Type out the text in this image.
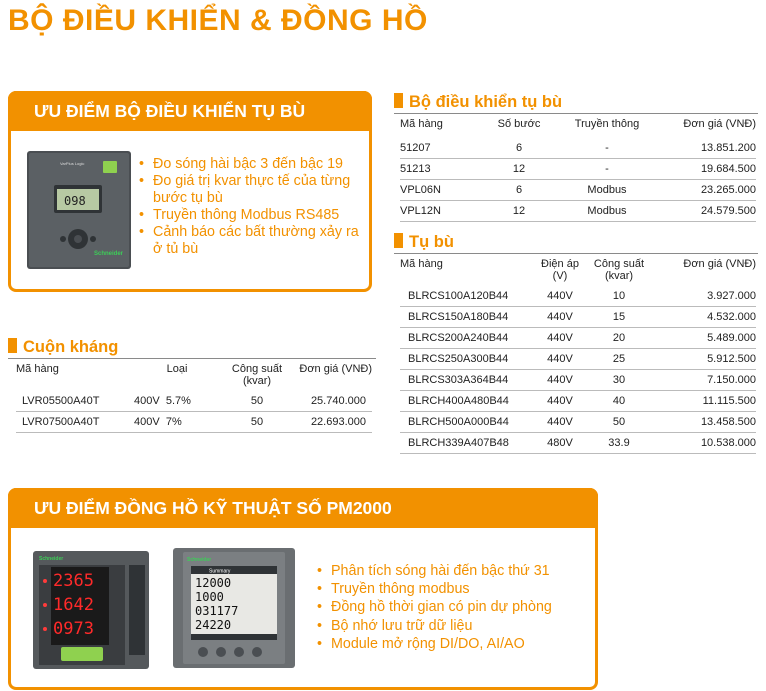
BỘ ĐIỀU KHIỂN & ĐỒNG HỒ
ƯU ĐIỂM BỘ ĐIỀU KHIỂN TỤ BÙ
VarPlus Logic
098
Schneider
• Đo sóng hài bậc 3 đến bậc 19
• Đo giá trị kvar thực tế của từng bước tụ bù
• Truyền thông Modbus RS485
• Cảnh báo các bất thường xảy ra ở tủ bù
Bộ điều khiển tụ bù
Mã hàng	Số bước	Truyền thông	Đơn giá (VNĐ)
51207	6	-	13.851.200
51213	12	-	19.684.500
VPL06N	6	Modbus	23.265.000
VPL12N	12	Modbus	24.579.500
Tụ bù
Mã hàng	Điện áp (V)	Công suất (kvar)	Đơn giá (VNĐ)
BLRCS100A120B44	440V	10	3.927.000
BLRCS150A180B44	440V	15	4.532.000
BLRCS200A240B44	440V	20	5.489.000
BLRCS250A300B44	440V	25	5.912.500
BLRCS303A364B44	440V	30	7.150.000
BLRCH400A480B44	440V	40	11.115.500
BLRCH500A000B44	440V	50	13.458.500
BLRCH339A407B48	480V	33.9	10.538.000
Cuộn kháng
Mã hàng	Loại	Công suất (kvar)	Đơn giá (VNĐ)
LVR05500A40T	400V 5.7%	50	25.740.000
LVR07500A40T	400V 7%	50	22.693.000
ƯU ĐIỂM ĐỒNG HỒ KỸ THUẬT SỐ PM2000
Schneider
2365
1642
0973
Schneider
Summary
12000
1000
031177
24220
• Phân tích sóng hài đến bậc thứ 31
• Truyền thông modbus
• Đồng hồ thời gian có pin dự phòng
• Bộ nhớ lưu trữ dữ liệu
• Module mở rộng DI/DO, AI/AO
